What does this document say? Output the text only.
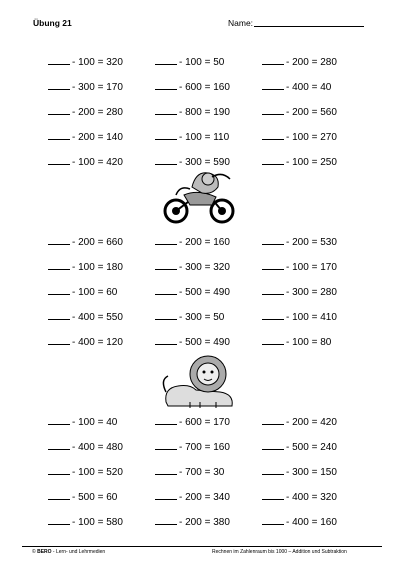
Übung 21	Name:
- 100 = 320
- 300 = 170
- 200 = 280
- 200 = 140
- 100 = 420
- 100 = 50
- 600 = 160
- 800 = 190
- 100 = 110
- 300 = 590
- 200 = 280
- 400 = 40
- 200 = 560
- 100 = 270
- 100 = 250
- 200 = 660
- 100 = 180
- 100 = 60
- 400 = 550
- 400 = 120
- 200 = 160
- 300 = 320
- 500 = 490
- 300 = 50
- 500 = 490
- 200 = 530
- 100 = 170
- 300 = 280
- 100 = 410
- 100 = 80
- 100 = 40
- 400 = 480
- 100 = 520
- 500 = 60
- 100 = 580
- 600 = 170
- 700 = 160
- 700 = 30
- 200 = 340
- 200 = 380
- 200 = 420
- 500 = 240
- 300 = 150
- 400 = 320
- 400 = 160
© BERO - Lern- und Lehrmedien	Rechnen im Zahlenraum bis 1000 – Addition und Subtraktion
